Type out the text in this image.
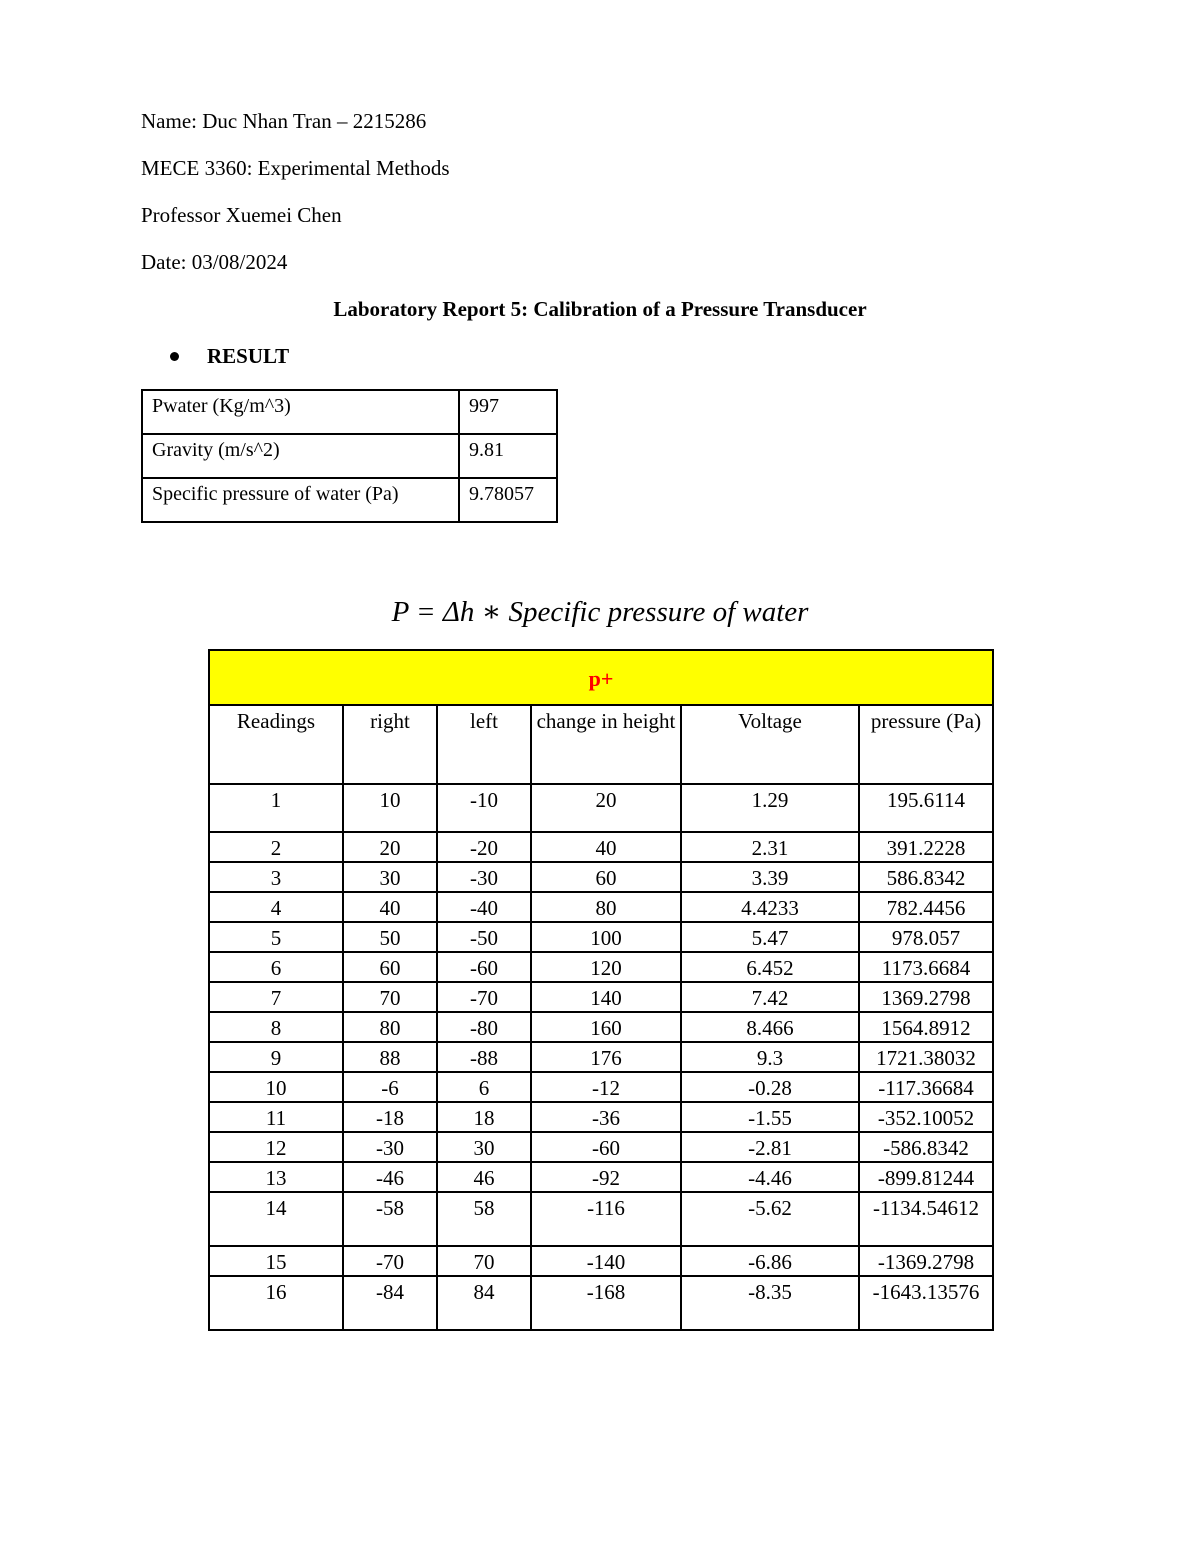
Name: Duc Nhan Tran – 2215286
MECE 3360: Experimental Methods
Professor Xuemei Chen
Date: 03/08/2024
Laboratory Report 5: Calibration of a Pressure Transducer
RESULT
Pwater (Kg/m^3)	997
Gravity (m/s^2)	9.81
Specific pressure of water (Pa)	9.78057
P = Δh ∗ Specific pressure of water
p+					
Readings	right	left	change in height	Voltage	pressure (Pa)
1	10	-10	20	1.29	195.6114
2	20	-20	40	2.31	391.2228
3	30	-30	60	3.39	586.8342
4	40	-40	80	4.4233	782.4456
5	50	-50	100	5.47	978.057
6	60	-60	120	6.452	1173.6684
7	70	-70	140	7.42	1369.2798
8	80	-80	160	8.466	1564.8912
9	88	-88	176	9.3	1721.38032
10	-6	6	-12	-0.28	-117.36684
11	-18	18	-36	-1.55	-352.10052
12	-30	30	-60	-2.81	-586.8342
13	-46	46	-92	-4.46	-899.81244
14	-58	58	-116	-5.62	-1134.54612
15	-70	70	-140	-6.86	-1369.2798
16	-84	84	-168	-8.35	-1643.13576
